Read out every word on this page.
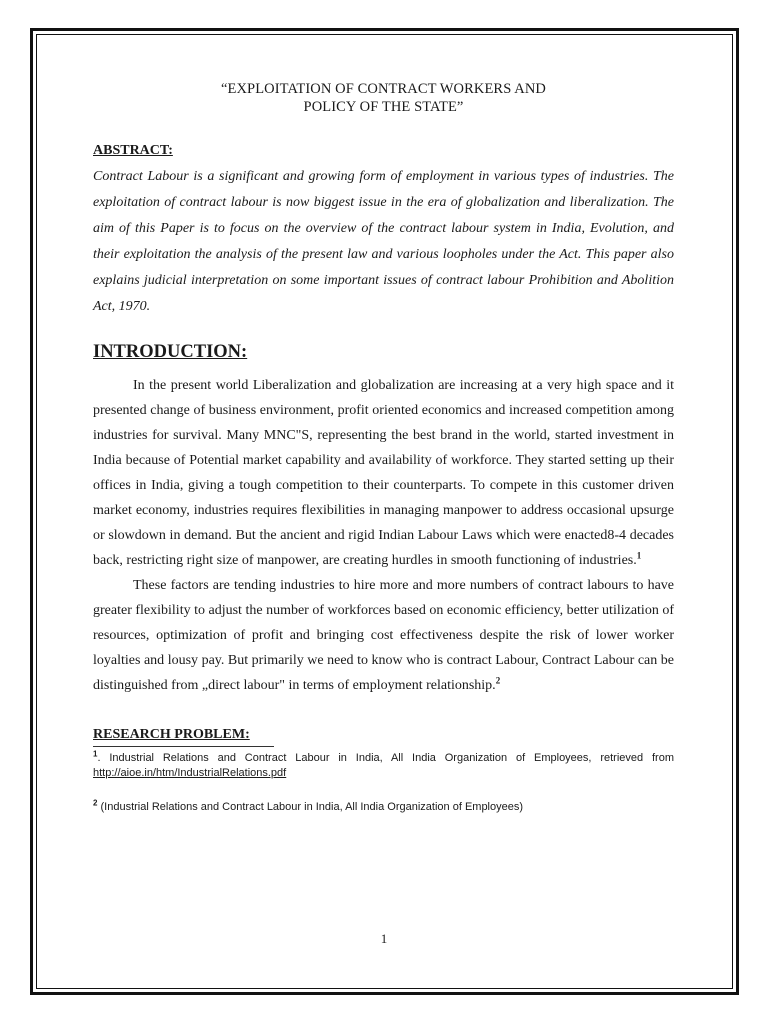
“EXPLOITATION OF CONTRACT WORKERS AND
POLICY OF THE STATE”
ABSTRACT:
Contract Labour is a significant and growing form of employment in various types of industries. The exploitation of contract labour is now biggest issue in the era of globalization and liberalization. The aim of this Paper is to focus on the overview of the contract labour system in India, Evolution, and their exploitation the analysis of the present law and various loopholes under the Act. This paper also explains judicial interpretation on some important issues of contract labour Prohibition and Abolition Act, 1970.
INTRODUCTION:
In the present world Liberalization and globalization are increasing at a very high space and it presented change of business environment, profit oriented economics and increased competition among industries for survival. Many MNC"S, representing the best brand in the world, started investment in India because of Potential market capability and availability of workforce. They started setting up their offices in India, giving a tough competition to their counterparts. To compete in this customer driven market economy, industries requires flexibilities in managing manpower to address occasional upsurge or slowdown in demand. But the ancient and rigid Indian Labour Laws which were enacted8-4 decades back, restricting right size of manpower, are creating hurdles in smooth functioning of industries.$^1$
These factors are tending industries to hire more and more numbers of contract labours to have greater flexibility to adjust the number of workforces based on economic efficiency, better utilization of resources, optimization of profit and bringing cost effectiveness despite the risk of lower worker loyalties and lousy pay. But primarily we need to know who is contract Labour, Contract Labour can be distinguished from „direct labour" in terms of employment relationship.$^2$
RESEARCH PROBLEM:
$^1$. Industrial Relations and Contract Labour in India, All India Organization of Employees, retrieved from http://aioe.in/htm/IndustrialRelations.pdf
$^2$ (Industrial Relations and Contract Labour in India, All India Organization of Employees)
1
